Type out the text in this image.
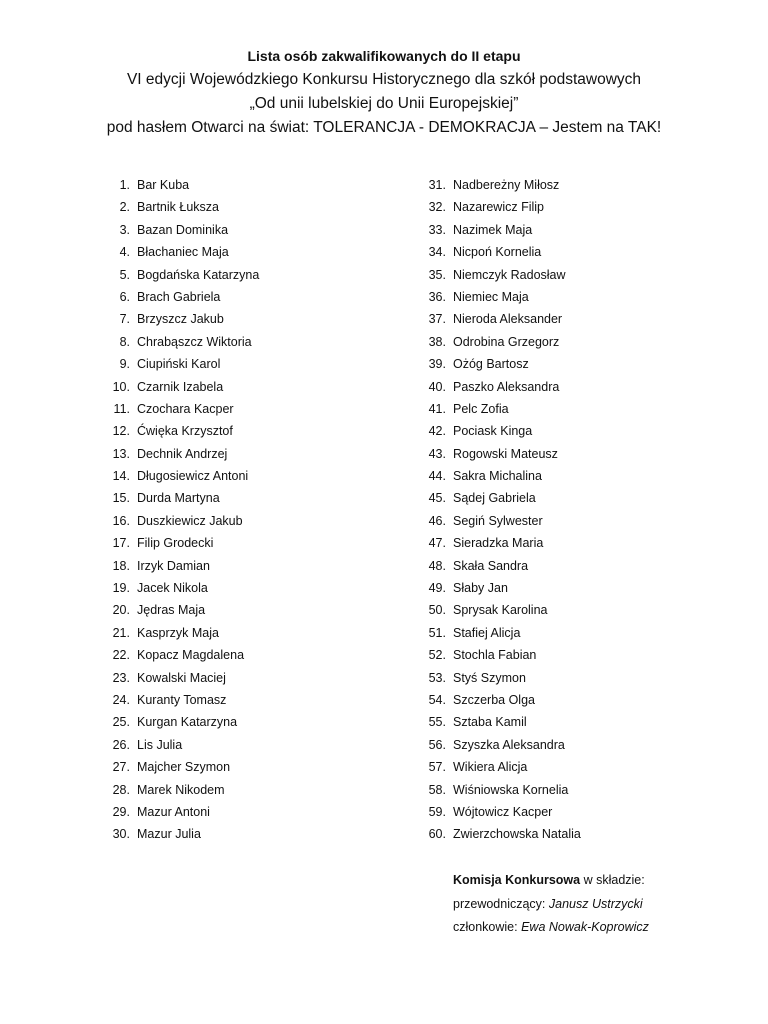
Lista osób zakwalifikowanych do II etapu
VI edycji Wojewódzkiego Konkursu Historycznego dla szkół podstawowych
„Od unii lubelskiej do Unii Europejskiej”
pod hasłem Otwarci na świat: TOLERANCJA - DEMOKRACJA – Jestem na TAK!
1. Bar Kuba
2. Bartnik Łuksza
3. Bazan Dominika
4. Błachaniec Maja
5. Bogdańska Katarzyna
6. Brach Gabriela
7. Brzyszcz Jakub
8. Chrabąszcz Wiktoria
9. Ciupiński Karol
10. Czarnik Izabela
11. Czochara Kacper
12. Ćwięka Krzysztof
13. Dechnik Andrzej
14. Długosiewicz Antoni
15. Durda Martyna
16. Duszkiewicz Jakub
17. Filip Grodecki
18. Irzyk Damian
19. Jacek Nikola
20. Jędras Maja
21. Kasprzyk Maja
22. Kopacz Magdalena
23. Kowalski Maciej
24. Kuranty Tomasz
25. Kurgan Katarzyna
26. Lis Julia
27. Majcher Szymon
28. Marek Nikodem
29. Mazur Antoni
30. Mazur Julia
31. Nadbereżny Miłosz
32. Nazarewicz Filip
33. Nazimek Maja
34. Nicpoń Kornelia
35. Niemczyk Radosław
36. Niemiec Maja
37. Nieroda Aleksander
38. Odrobina Grzegorz
39. Ożóg Bartosz
40. Paszko Aleksandra
41. Pelc Zofia
42. Pociask Kinga
43. Rogowski Mateusz
44. Sakra Michalina
45. Sądej Gabriela
46. Segiń Sylwester
47. Sieradzka Maria
48. Skała Sandra
49. Słaby Jan
50. Sprysak Karolina
51. Stafiej Alicja
52. Stochla Fabian
53. Styś Szymon
54. Szczerba Olga
55. Sztaba Kamil
56. Szyszka Aleksandra
57. Wikiera Alicja
58. Wiśniowska Kornelia
59. Wójtowicz Kacper
60. Zwierzchowska Natalia
Komisja Konkursowa w składzie:
przewodniczący: Janusz Ustrzycki
członkowie: Ewa Nowak-Koprowicz
